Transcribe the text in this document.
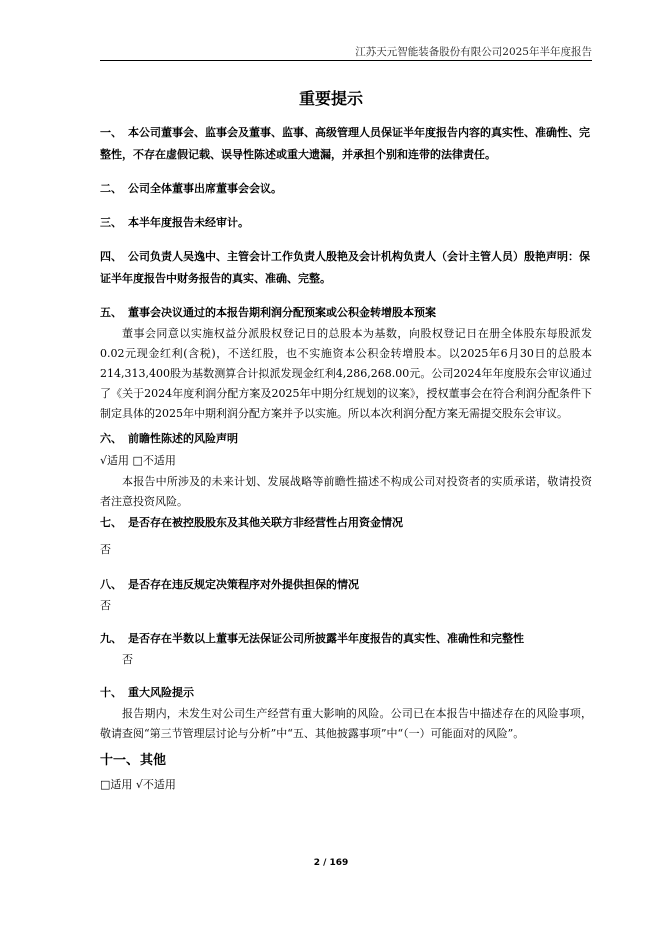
江苏天元智能装备股份有限公司2025年半年度报告
重要提示
一、 本公司董事会、监事会及董事、监事、高级管理人员保证半年度报告内容的真实性、准确性、完整性，不存在虚假记载、误导性陈述或重大遗漏，并承担个别和连带的法律责任。
二、 公司全体董事出席董事会会议。
三、 本半年度报告未经审计。
四、 公司负责人吴逸中、主管会计工作负责人殷艳及会计机构负责人（会计主管人员）殷艳声明：保证半年度报告中财务报告的真实、准确、完整。
五、 董事会决议通过的本报告期利润分配预案或公积金转增股本预案
董事会同意以实施权益分派股权登记日的总股本为基数，向股权登记日在册全体股东每股派发0.02元现金红利(含税)，不送红股，也不实施资本公积金转增股本。以2025年6月30日的总股本214,313,400股为基数测算合计拟派发现金红利4,286,268.00元。公司2024年年度股东会审议通过了《关于2024年度利润分配方案及2025年中期分红规划的议案》，授权董事会在符合利润分配条件下制定具体的2025年中期利润分配方案并予以实施。所以本次利润分配方案无需提交股东会审议。
六、 前瞻性陈述的风险声明
√适用 □不适用
本报告中所涉及的未来计划、发展战略等前瞻性描述不构成公司对投资者的实质承诺，敬请投资者注意投资风险。
七、 是否存在被控股股东及其他关联方非经营性占用资金情况
否
八、 是否存在违反规定决策程序对外提供担保的情况
否
九、 是否存在半数以上董事无法保证公司所披露半年度报告的真实性、准确性和完整性
否
十、 重大风险提示
报告期内，未发生对公司生产经营有重大影响的风险。公司已在本报告中描述存在的风险事项，敬请查阅“第三节管理层讨论与分析”中“五、其他披露事项”中“（一）可能面对的风险”。
十一、其他
□适用 √不适用
2 / 169
